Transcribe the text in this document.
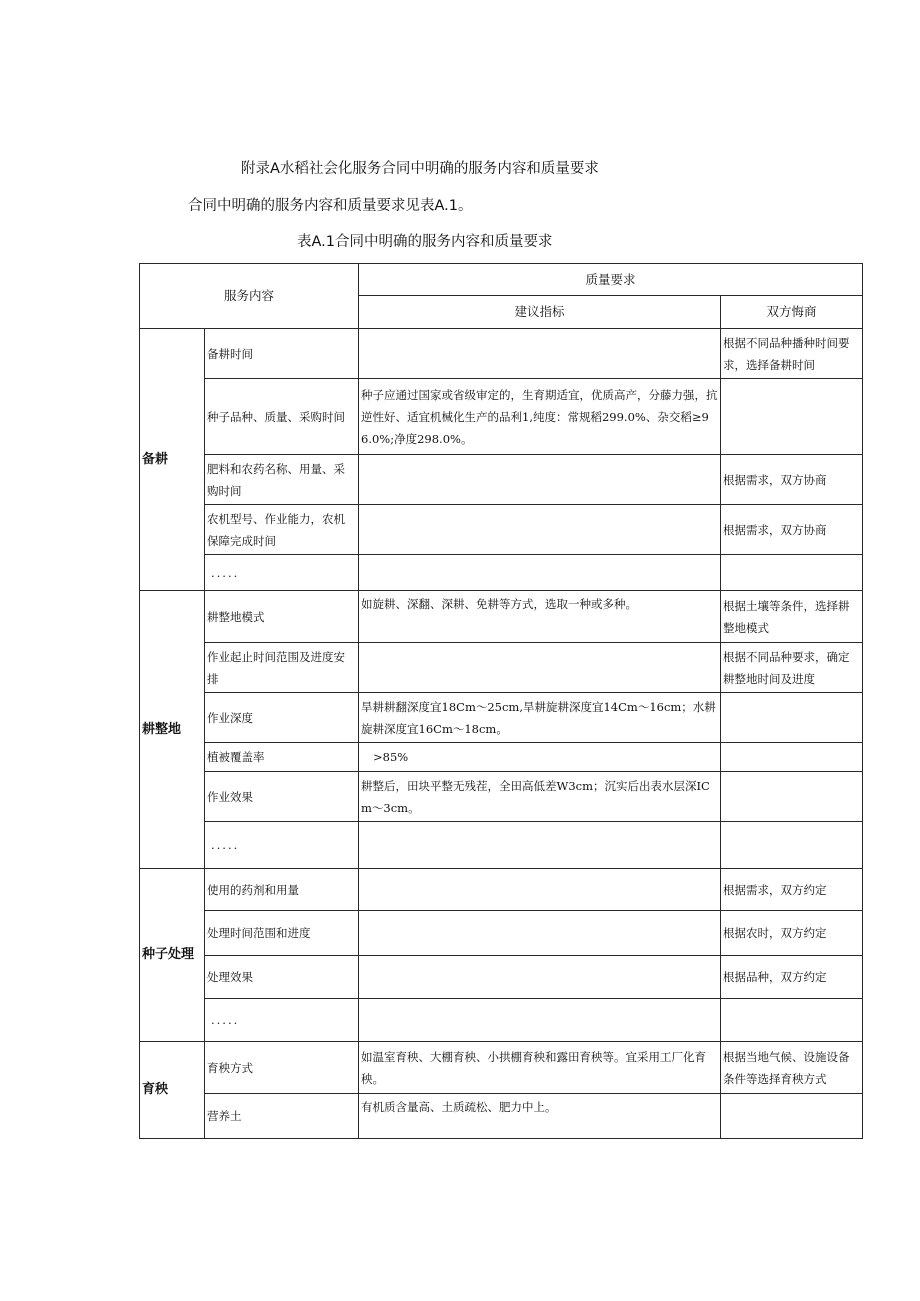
附录A水稻社会化服务合同中明确的服务内容和质量要求
合同中明确的服务内容和质量要求见表A.1。
表A.1合同中明确的服务内容和质量要求
服务内容		质量要求	
		建议指标	双方悔商
备耕	备耕时间		根据不同品种播种时间要求，选择备耕时间
	种子品种、质量、采购时间	种子应通过国家或省级审定的，生育期适宜，优质高产，分藤力强，抗逆性好、适宜机械化生产的品利1,纯度：常规稻299.0%、杂交稻≥96.0%;净度298.0%。	
	肥料和农药名称、用量、采购时间		根据需求，双方协商
	农机型号、作业能力，农机保障完成时间		根据需求，双方协商
	.....		
耕整地	耕整地模式	如旋耕、深翻、深耕、免耕等方式，选取一种或多种。	根据土壤等条件，选择耕整地模式
	作业起止时间范围及进度安排		根据不同品种要求，确定耕整地时间及进度
	作业深度	旱耕耕翻深度宜18Cm～25cm,旱耕旋耕深度宜14Cm～16cm；水耕旋耕深度宜16Cm～18cm。	
	植被覆盖率	>85%	
	作业效果	耕整后，田块平整无残茬，全田高低差W3cm；沉实后出表水层深ICm～3cm。	
	.....		
种子处理	使用的药剂和用量		根据需求，双方约定
	处理时间范围和进度		根据农时，双方约定
	处理效果		根据品种，双方约定
	.....		
育秧	育秧方式	如温室育秧、大棚育秧、小拱棚育秧和露田育秧等。宜采用工厂化育秧。	根据当地气候、设施设备条件等选择育秧方式
	营养土	有机质含量高、土质疏松、肥力中上。	
